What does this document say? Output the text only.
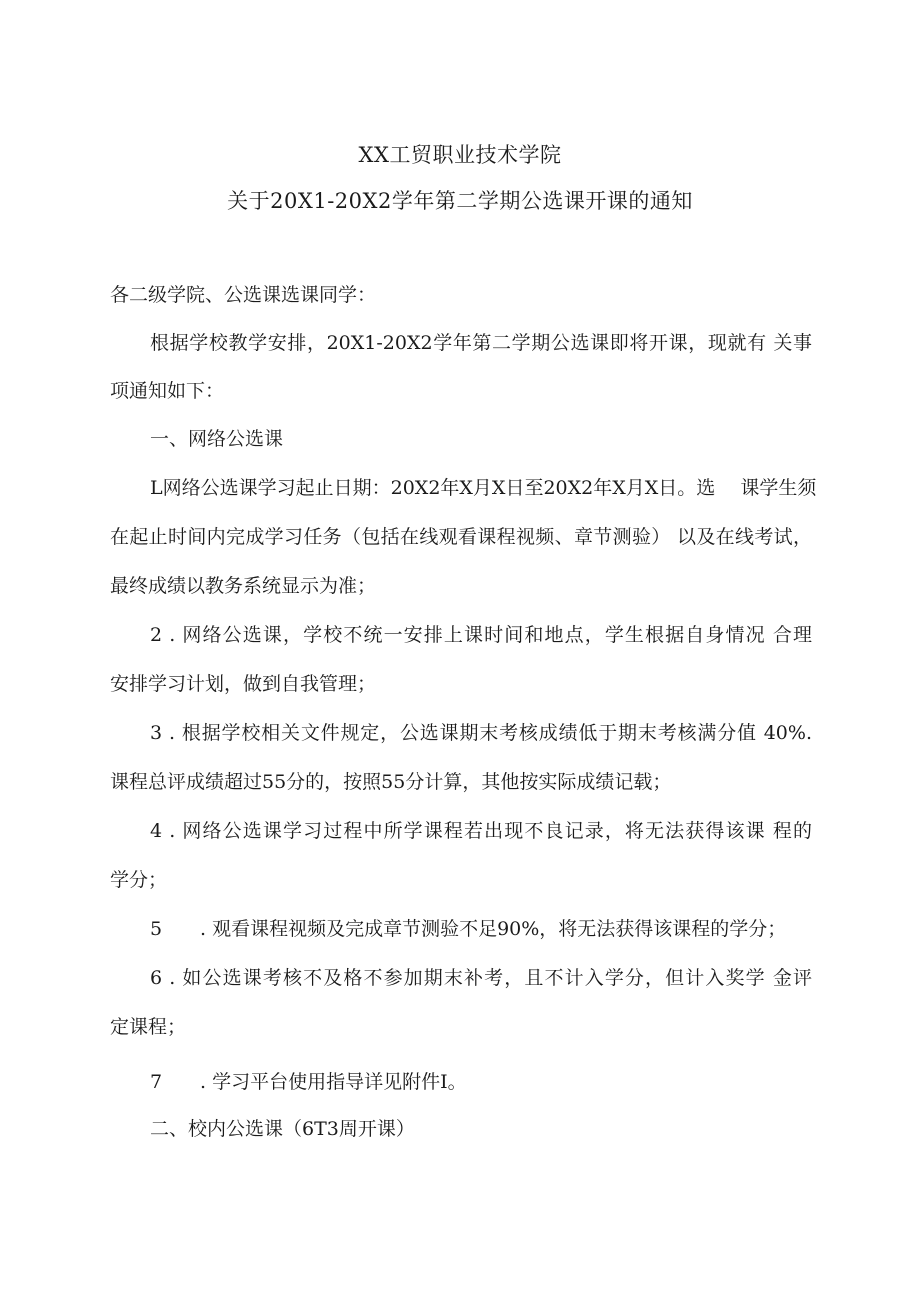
XX工贸职业技术学院
关于20X1-20X2学年第二学期公选课开课的通知
各二级学院、公选课选课同学：
根据学校教学安排，20X1-20X2学年第二学期公选课即将开课，现就有 关事
项通知如下：
一、网络公选课
L网络公选课学习起止日期：20X2年X月X日至20X2年X月X日。选　 课学生须
在起止时间内完成学习任务（包括在线观看课程视频、章节测验） 以及在线考试，
最终成绩以教务系统显示为准；
2 . 网络公选课，学校不统一安排上课时间和地点，学生根据自身情况 合理
安排学习计划，做到自我管理；
3 . 根据学校相关文件规定，公选课期末考核成绩低于期末考核满分值 40%.
课程总评成绩超过55分的，按照55分计算，其他按实际成绩记载；
4 . 网络公选课学习过程中所学课程若出现不良记录，将无法获得该课 程的
学分；
5 . 观看课程视频及完成章节测验不足90%，将无法获得该课程的学分；
6 . 如公选课考核不及格不参加期末补考，且不计入学分，但计入奖学 金评
定课程；
7 . 学习平台使用指导详见附件I。
二、校内公选课（6T3周开课）
